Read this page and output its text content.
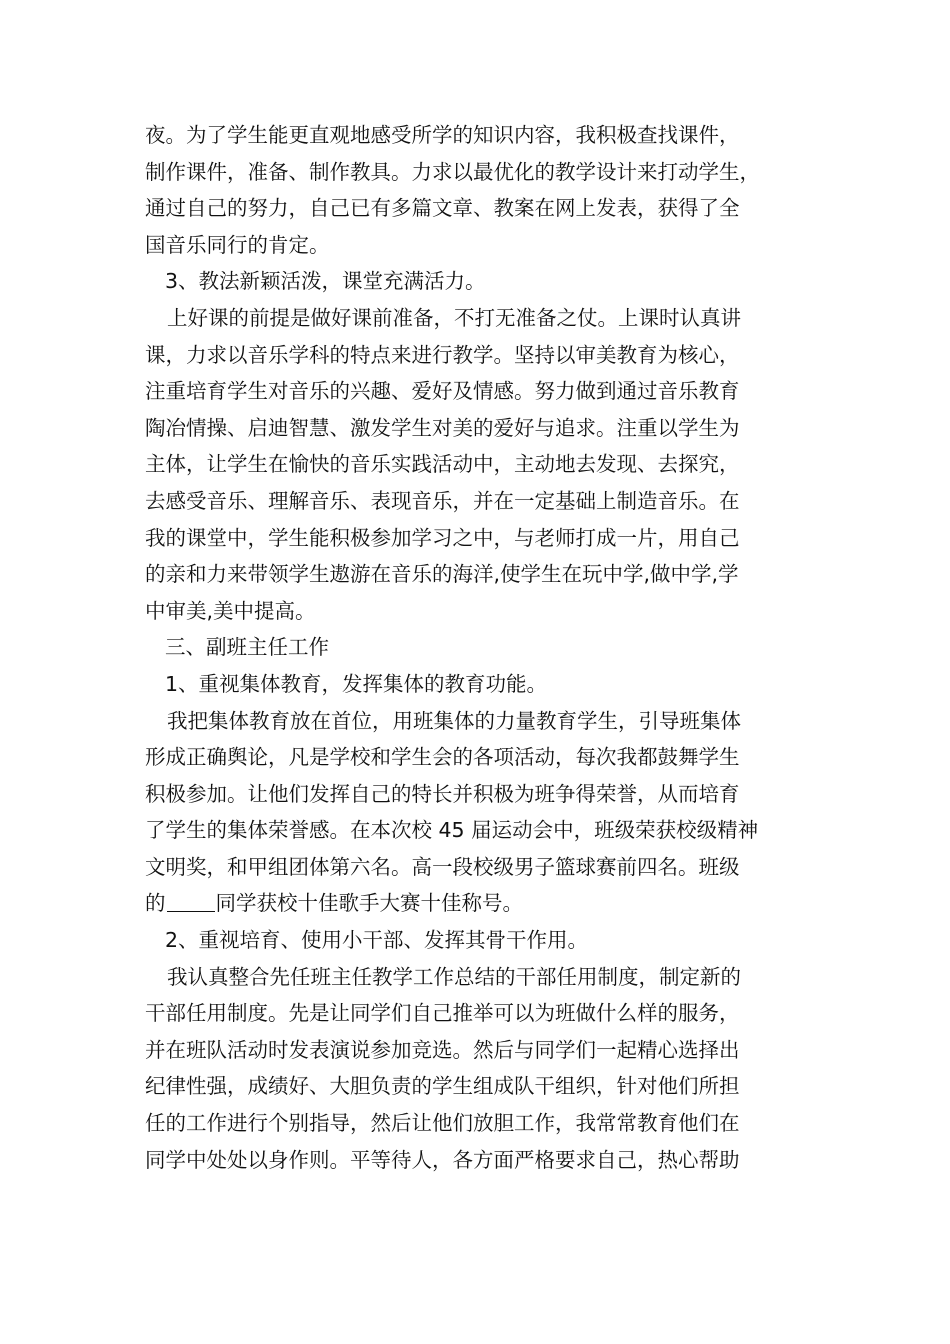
夜。为了学生能更直观地感受所学的知识内容，我积极查找课件，
制作课件，准备、制作教具。力求以最优化的教学设计来打动学生，
通过自己的努力，自己已有多篇文章、教案在网上发表，获得了全
国音乐同行的肯定。
3、教法新颖活泼，课堂充满活力。
上好课的前提是做好课前准备，不打无准备之仗。上课时认真讲
课，力求以音乐学科的特点来进行教学。坚持以审美教育为核心，
注重培育学生对音乐的兴趣、爱好及情感。努力做到通过音乐教育
陶冶情操、启迪智慧、激发学生对美的爱好与追求。注重以学生为
主体，让学生在愉快的音乐实践活动中，主动地去发现、去探究，
去感受音乐、理解音乐、表现音乐，并在一定基础上制造音乐。在
我的课堂中，学生能积极参加学习之中，与老师打成一片，用自己
的亲和力来带领学生遨游在音乐的海洋,使学生在玩中学,做中学,学
中审美,美中提高。
三、副班主任工作
1、重视集体教育，发挥集体的教育功能。
我把集体教育放在首位，用班集体的力量教育学生，引导班集体
形成正确舆论，凡是学校和学生会的各项活动，每次我都鼓舞学生
积极参加。让他们发挥自己的特长并积极为班争得荣誉，从而培育
了学生的集体荣誉感。在本次校 45 届运动会中，班级荣获校级精神
文明奖，和甲组团体第六名。高一段校级男子篮球赛前四名。班级
的 同学获校十佳歌手大赛十佳称号。
2、重视培育、使用小干部、发挥其骨干作用。
我认真整合先任班主任教学工作总结的干部任用制度，制定新的
干部任用制度。先是让同学们自己推举可以为班做什么样的服务，
并在班队活动时发表演说参加竞选。然后与同学们一起精心选择出
纪律性强，成绩好、大胆负责的学生组成队干组织，针对他们所担
任的工作进行个别指导，然后让他们放胆工作，我常常教育他们在
同学中处处以身作则。平等待人，各方面严格要求自己，热心帮助
